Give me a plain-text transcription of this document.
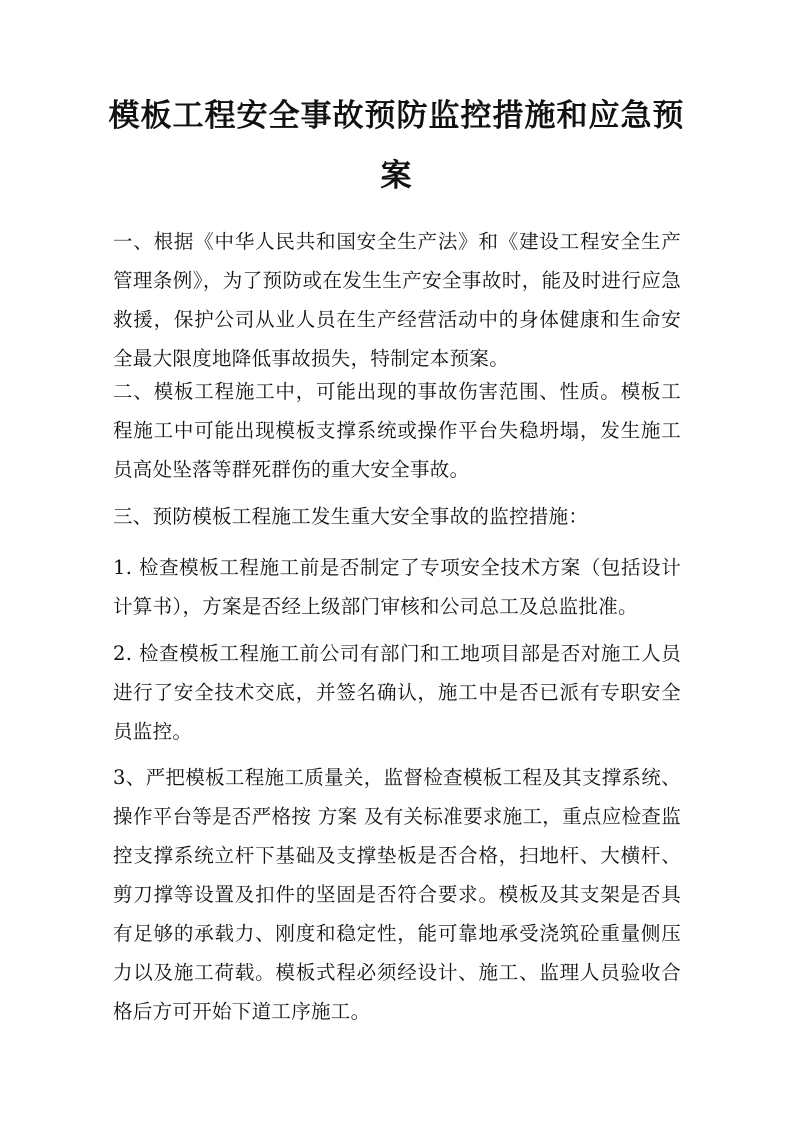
模板工程安全事故预防监控措施和应急预案

一、根据《中华人民共和国安全生产法》和《建设工程安全生产管理条例》，为了预防或在发生生产安全事故时，能及时进行应急救援，保护公司从业人员在生产经营活动中的身体健康和生命安全最大限度地降低事故损失，特制定本预案。

二、模板工程施工中，可能出现的事故伤害范围、性质。模板工程施工中可能出现模板支撑系统或操作平台失稳坍塌，发生施工员高处坠落等群死群伤的重大安全事故。

三、预防模板工程施工发生重大安全事故的监控措施：

1. 检查模板工程施工前是否制定了专项安全技术方案（包括设计计算书），方案是否经上级部门审核和公司总工及总监批准。

2. 检查模板工程施工前公司有部门和工地项目部是否对施工人员进行了安全技术交底，并签名确认，施工中是否已派有专职安全员监控。

3、严把模板工程施工质量关，监督检查模板工程及其支撑系统、操作平台等是否严格按 方案 及有关标准要求施工，重点应检查监控支撑系统立杆下基础及支撑垫板是否合格，扫地杆、大横杆、剪刀撑等设置及扣件的坚固是否符合要求。模板及其支架是否具有足够的承载力、刚度和稳定性，能可靠地承受浇筑砼重量侧压力以及施工荷载。模板式程必须经设计、施工、监理人员验收合格后方可开始下道工序施工。
